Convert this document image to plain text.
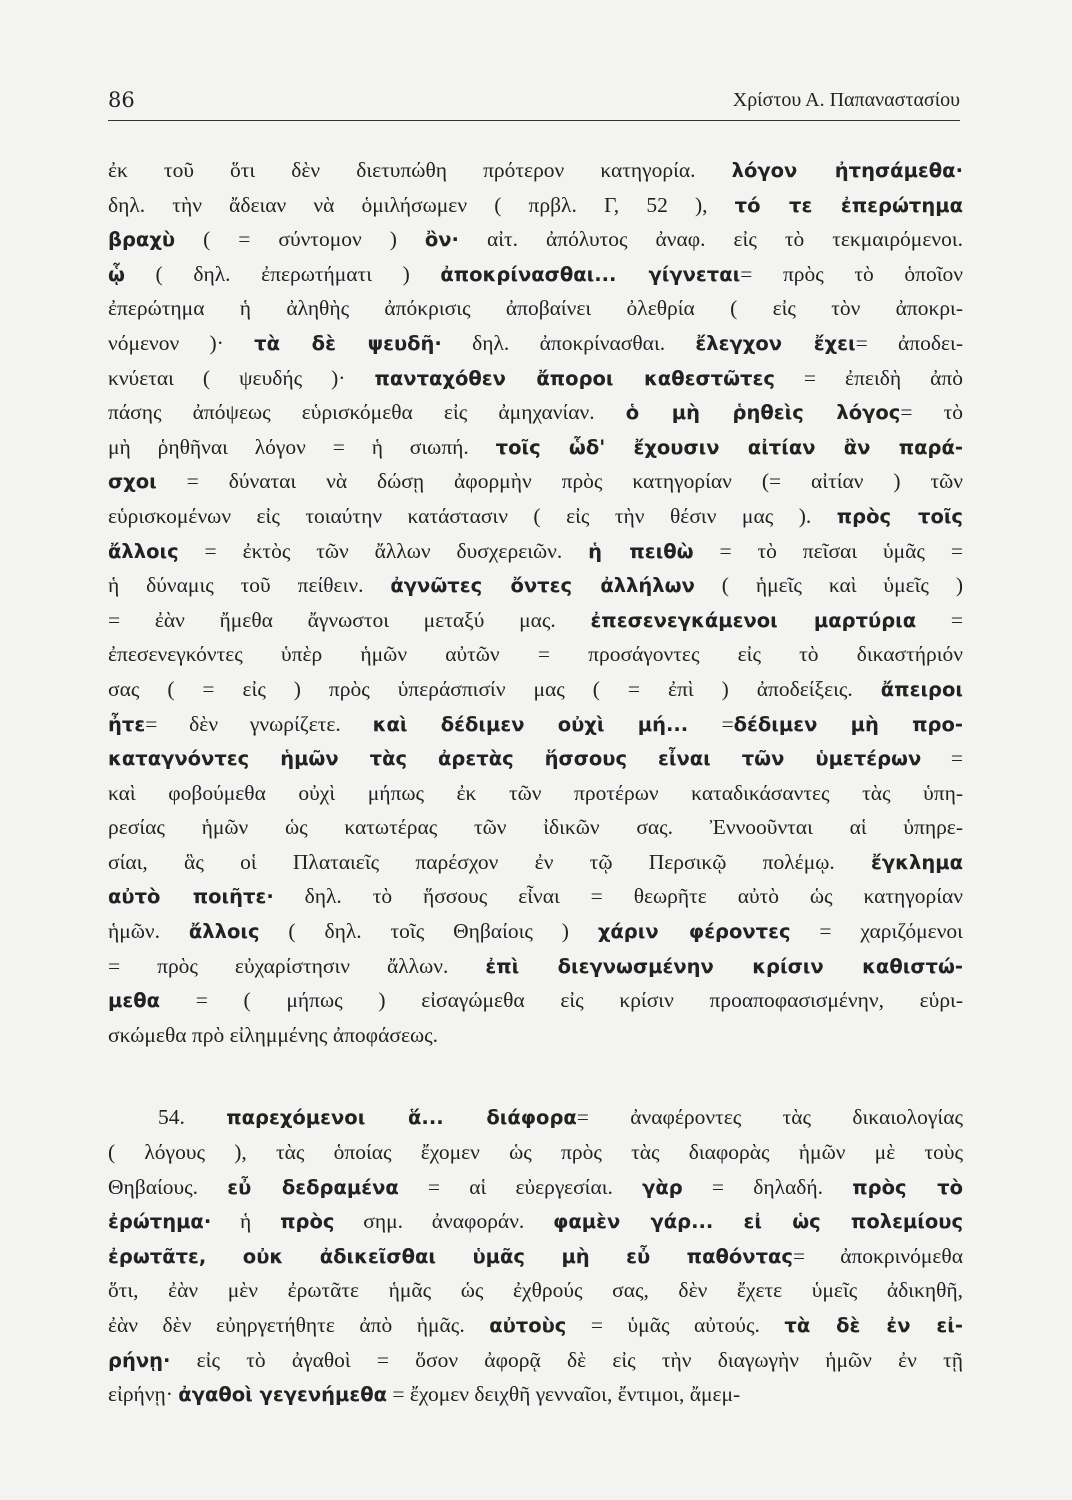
86	Χρίστου Α. Παπαναστασίου
ἐκ τοῦ ὅτι δὲν διετυπώθη πρότερον κατηγορία. λόγον ἠτησάμεθα·
δηλ. τὴν ἄδειαν νὰ ὁμιλήσωμεν ( πρβλ. Γ, 52 ), τό τε ἐπερώτημα
βραχὺ ( = σύντομον ) ὂν· αἰτ. ἀπόλυτος ἀναφ. εἰς τὸ τεκμαιρόμενοι.
ᾧ ( δηλ. ἐπερωτήματι ) ἀποκρίνασθαι... γίγνεται= πρὸς τὸ ὁποῖον
ἐπερώτημα ἡ ἀληθὴς ἀπόκρισις ἀποβαίνει ὀλεθρία ( εἰς τὸν ἀποκρι-
νόμενον )· τὰ δὲ ψευδῆ· δηλ. ἀποκρίνασθαι. ἔλεγχον ἔχει= ἀποδει-
κνύεται ( ψευδής )· πανταχόθεν ἄποροι καθεστῶτες = ἐπειδὴ ἀπὸ
πάσης ἀπόψεως εὑρισκόμεθα εἰς ἀμηχανίαν. ὁ μὴ ῥηθεὶς λόγος= τὸ
μὴ ῥηθῆναι λόγον = ἡ σιωπή. τοῖς ὧδ' ἔχουσιν αἰτίαν ἂν παρά-
σχοι = δύναται νὰ δώσῃ ἀφορμὴν πρὸς κατηγορίαν (= αἰτίαν ) τῶν
εὑρισκομένων εἰς τοιαύτην κατάστασιν ( εἰς τὴν θέσιν μας ). πρὸς τοῖς
ἄλλοις = ἐκτὸς τῶν ἄλλων δυσχερειῶν. ἡ πειθὼ = τὸ πεῖσαι ὑμᾶς =
ἡ δύναμις τοῦ πείθειν. ἀγνῶτες ὄντες ἀλλήλων ( ἡμεῖς καὶ ὑμεῖς )
= ἐὰν ἤμεθα ἄγνωστοι μεταξύ μας. ἐπεσενεγκάμενοι μαρτύρια =
ἐπεσενεγκόντες ὑπὲρ ἡμῶν αὐτῶν = προσάγοντες εἰς τὸ δικαστήριόν
σας ( = εἰς ) πρὸς ὑπεράσπισίν μας ( = ἐπὶ ) ἀποδείξεις. ἄπειροι
ἦτε= δὲν γνωρίζετε. καὶ δέδιμεν οὐχὶ μή... =δέδιμεν μὴ προ-
καταγνόντες ἡμῶν τὰς ἀρετὰς ἥσσους εἶναι τῶν ὑμετέρων =
καὶ φοβούμεθα οὐχὶ μήπως ἐκ τῶν προτέρων καταδικάσαντες τὰς ὑπη-
ρεσίας ἡμῶν ὡς κατωτέρας τῶν ἰδικῶν σας. Ἐννοοῦνται αἱ ὑπηρε-
σίαι, ἃς οἱ Πλαταιεῖς παρέσχον ἐν τῷ Περσικῷ πολέμῳ. ἔγκλημα
αὐτὸ ποιῆτε· δηλ. τὸ ἥσσους εἶναι = θεωρῆτε αὐτὸ ὡς κατηγορίαν
ἡμῶν. ἄλλοις ( δηλ. τοῖς Θηβαίοις ) χάριν φέροντες = χαριζόμενοι
= πρὸς εὐχαρίστησιν ἄλλων. ἐπὶ διεγνωσμένην κρίσιν καθιστώ-
μεθα = ( μήπως ) εἰσαγώμεθα εἰς κρίσιν προαποφασισμένην, εὑρι-
σκώμεθα πρὸ εἰλημμένης ἀποφάσεως.
54. παρεχόμενοι ἅ... διάφορα= ἀναφέροντες τὰς δικαιολογίας
( λόγους ), τὰς ὁποίας ἔχομεν ὡς πρὸς τὰς διαφορὰς ἡμῶν μὲ τοὺς
Θηβαίους. εὖ δεδραμένα = αἱ εὐεργεσίαι. γὰρ = δηλαδή. πρὸς τὸ
ἐρώτημα· ἡ πρὸς σημ. ἀναφοράν. φαμὲν γάρ... εἰ ὡς πολεμίους
ἐρωτᾶτε, οὐκ ἀδικεῖσθαι ὑμᾶς μὴ εὖ παθόντας= ἀποκρινόμεθα
ὅτι, ἐὰν μὲν ἐρωτᾶτε ἡμᾶς ὡς ἐχθρούς σας, δὲν ἔχετε ὑμεῖς ἀδικηθῆ,
ἐὰν δὲν εὐηργετήθητε ἀπὸ ἡμᾶς. αὐτοὺς = ὑμᾶς αὐτούς. τὰ δὲ ἐν εἰ-
ρήνῃ· εἰς τὸ ἀγαθοὶ = ὅσον ἀφορᾷ δὲ εἰς τὴν διαγωγὴν ἡμῶν ἐν τῇ
εἰρήνῃ· ἀγαθοὶ γεγενήμεθα = ἔχομεν δειχθῆ γενναῖοι, ἔντιμοι, ἄμεμ-
